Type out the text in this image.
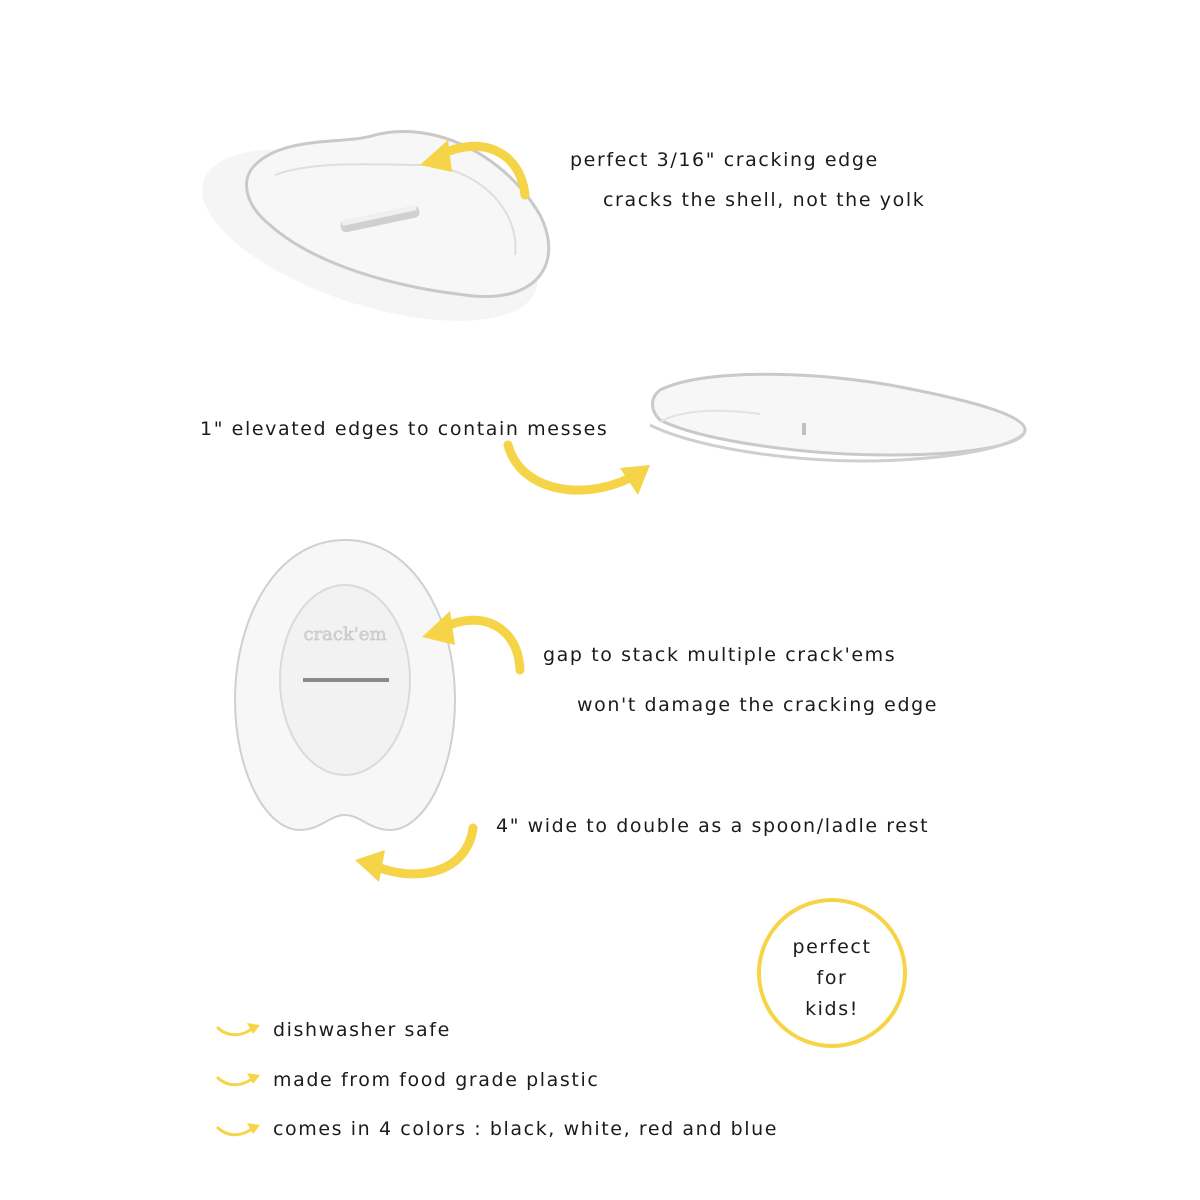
perfect 3/16" cracking edge
cracks the shell, not the yolk
1" elevated edges to contain messes
crack'em
gap to stack multiple crack'ems
won't damage the cracking edge
4" wide to double as a spoon/ladle rest
perfect
for
kids!
dishwasher safe
made from food grade plastic
comes in 4 colors : black, white, red and blue
